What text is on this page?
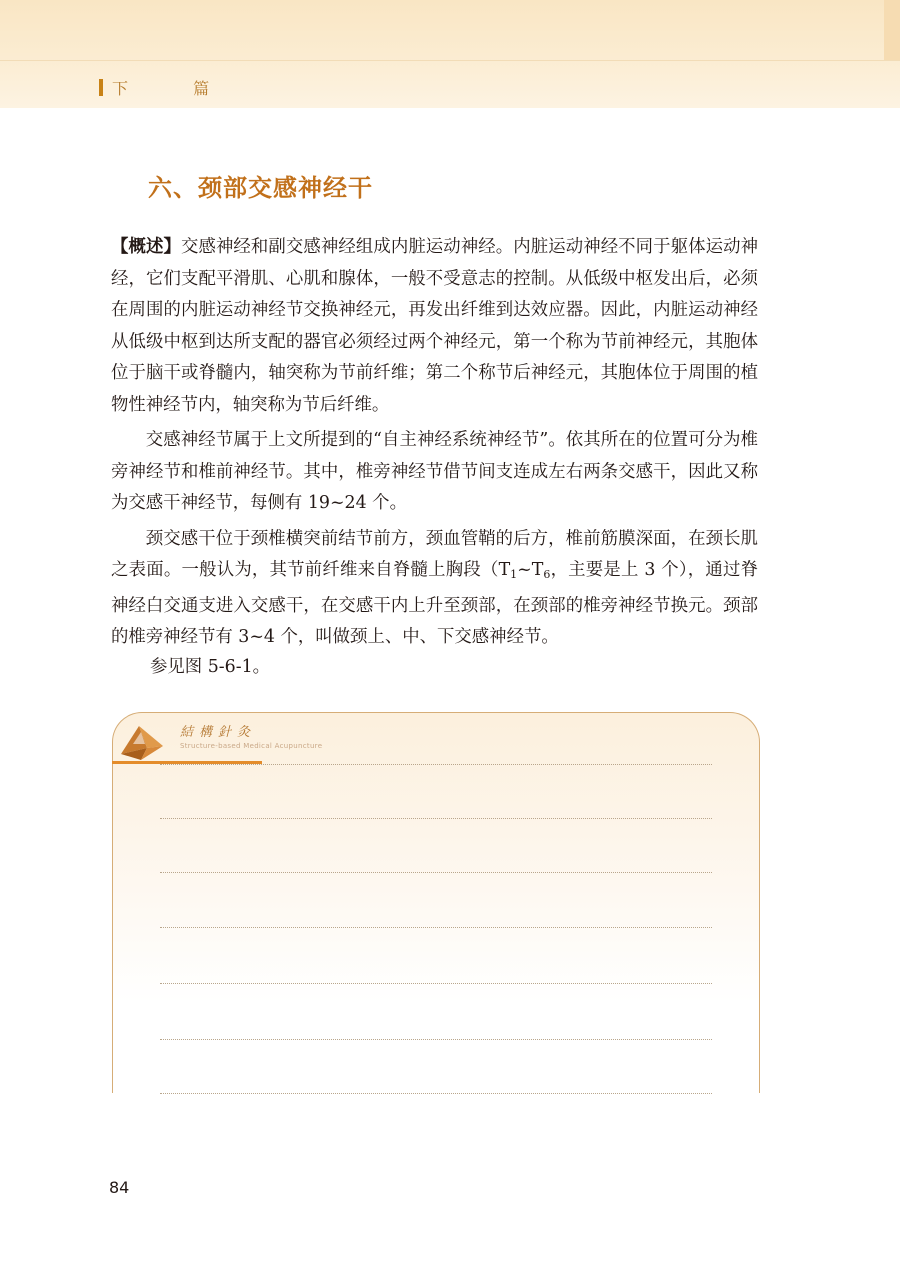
下 篇
六、颈部交感神经干

【概述】交感神经和副交感神经组成内脏运动神经。内脏运动神经不同于躯体运动神经，它们支配平滑肌、心肌和腺体，一般不受意志的控制。从低级中枢发出后，必须在周围的内脏运动神经节交换神经元，再发出纤维到达效应器。因此，内脏运动神经从低级中枢到达所支配的器官必须经过两个神经元，第一个称为节前神经元，其胞体位于脑干或脊髓内，轴突称为节前纤维；第二个称节后神经元，其胞体位于周围的植物性神经节内，轴突称为节后纤维。

交感神经节属于上文所提到的“自主神经系统神经节”。依其所在的位置可分为椎旁神经节和椎前神经节。其中，椎旁神经节借节间支连成左右两条交感干，因此又称为交感干神经节，每侧有 19~24 个。

颈交感干位于颈椎横突前结节前方，颈血管鞘的后方，椎前筋膜深面，在颈长肌之表面。一般认为，其节前纤维来自脊髓上胸段（$T_1\sim T_6$，主要是上 3 个），通过脊神经白交通支进入交感干，在交感干内上升至颈部，在颈部的椎旁神经节换元。颈部的椎旁神经节有 3~4 个，叫做颈上、中、下交感神经节。

参见图 5-6-1。
結構針灸
Structure-based Medical Acupuncture
84
